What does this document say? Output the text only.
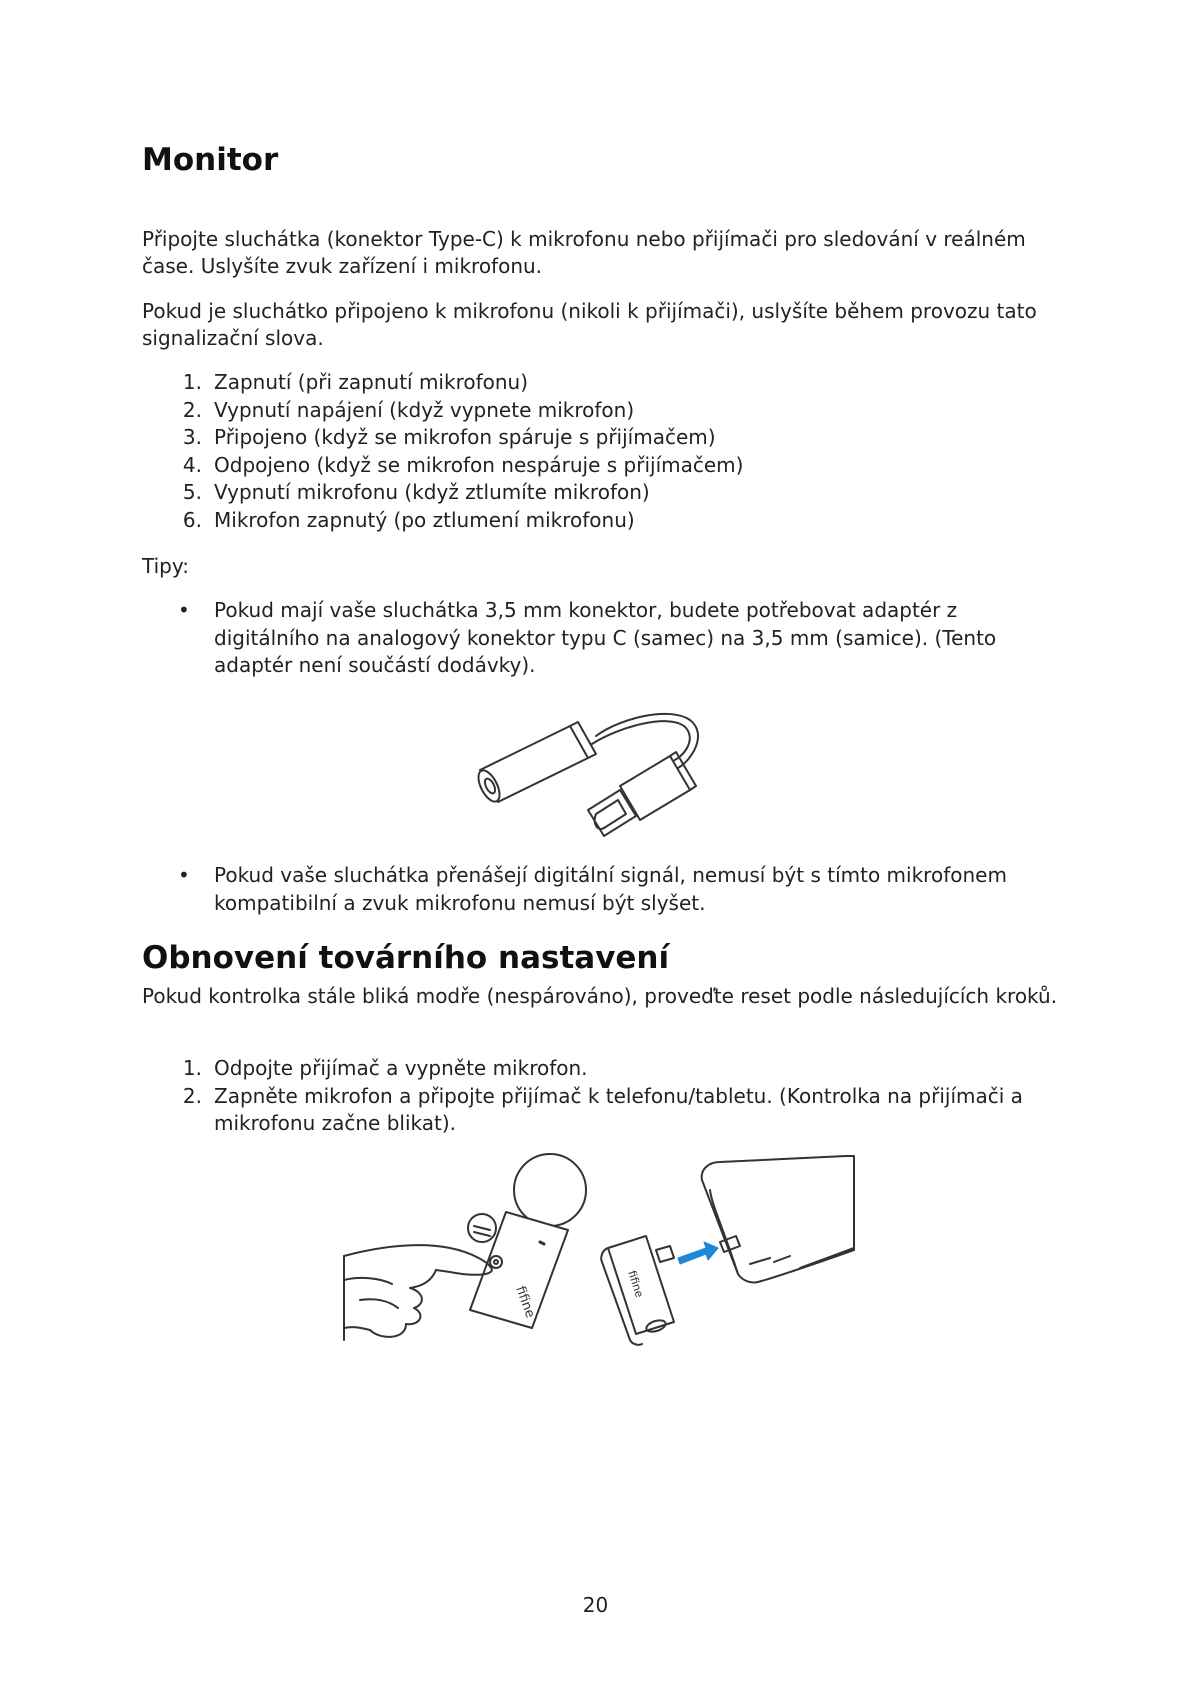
Monitor

Připojte sluchátka (konektor Type-C) k mikrofonu nebo přijímači pro sledování v reálném čase. Uslyšíte zvuk zařízení i mikrofonu.

Pokud je sluchátko připojeno k mikrofonu (nikoli k přijímači), uslyšíte během provozu tato signalizační slova.

1. Zapnutí (při zapnutí mikrofonu)
2. Vypnutí napájení (když vypnete mikrofon)
3. Připojeno (když se mikrofon spáruje s přijímačem)
4. Odpojeno (když se mikrofon nespáruje s přijímačem)
5. Vypnutí mikrofonu (když ztlumíte mikrofon)
6. Mikrofon zapnutý (po ztlumení mikrofonu)

Tipy:

• Pokud mají vaše sluchátka 3,5 mm konektor, budete potřebovat adaptér z digitálního na analogový konektor typu C (samec) na 3,5 mm (samice). (Tento adaptér není součástí dodávky).
• Pokud vaše sluchátka přenášejí digitální signál, nemusí být s tímto mikrofonem kompatibilní a zvuk mikrofonu nemusí být slyšet.
Obnovení továrního nastavení

Pokud kontrolka stále bliká modře (nespárováno), proveďte reset podle následujících kroků.

1. Odpojte přijímač a vypněte mikrofon.
2. Zapněte mikrofon a připojte přijímač k telefonu/tabletu. (Kontrolka na přijímači a mikrofonu začne blikat).
fifine
fifine
20
